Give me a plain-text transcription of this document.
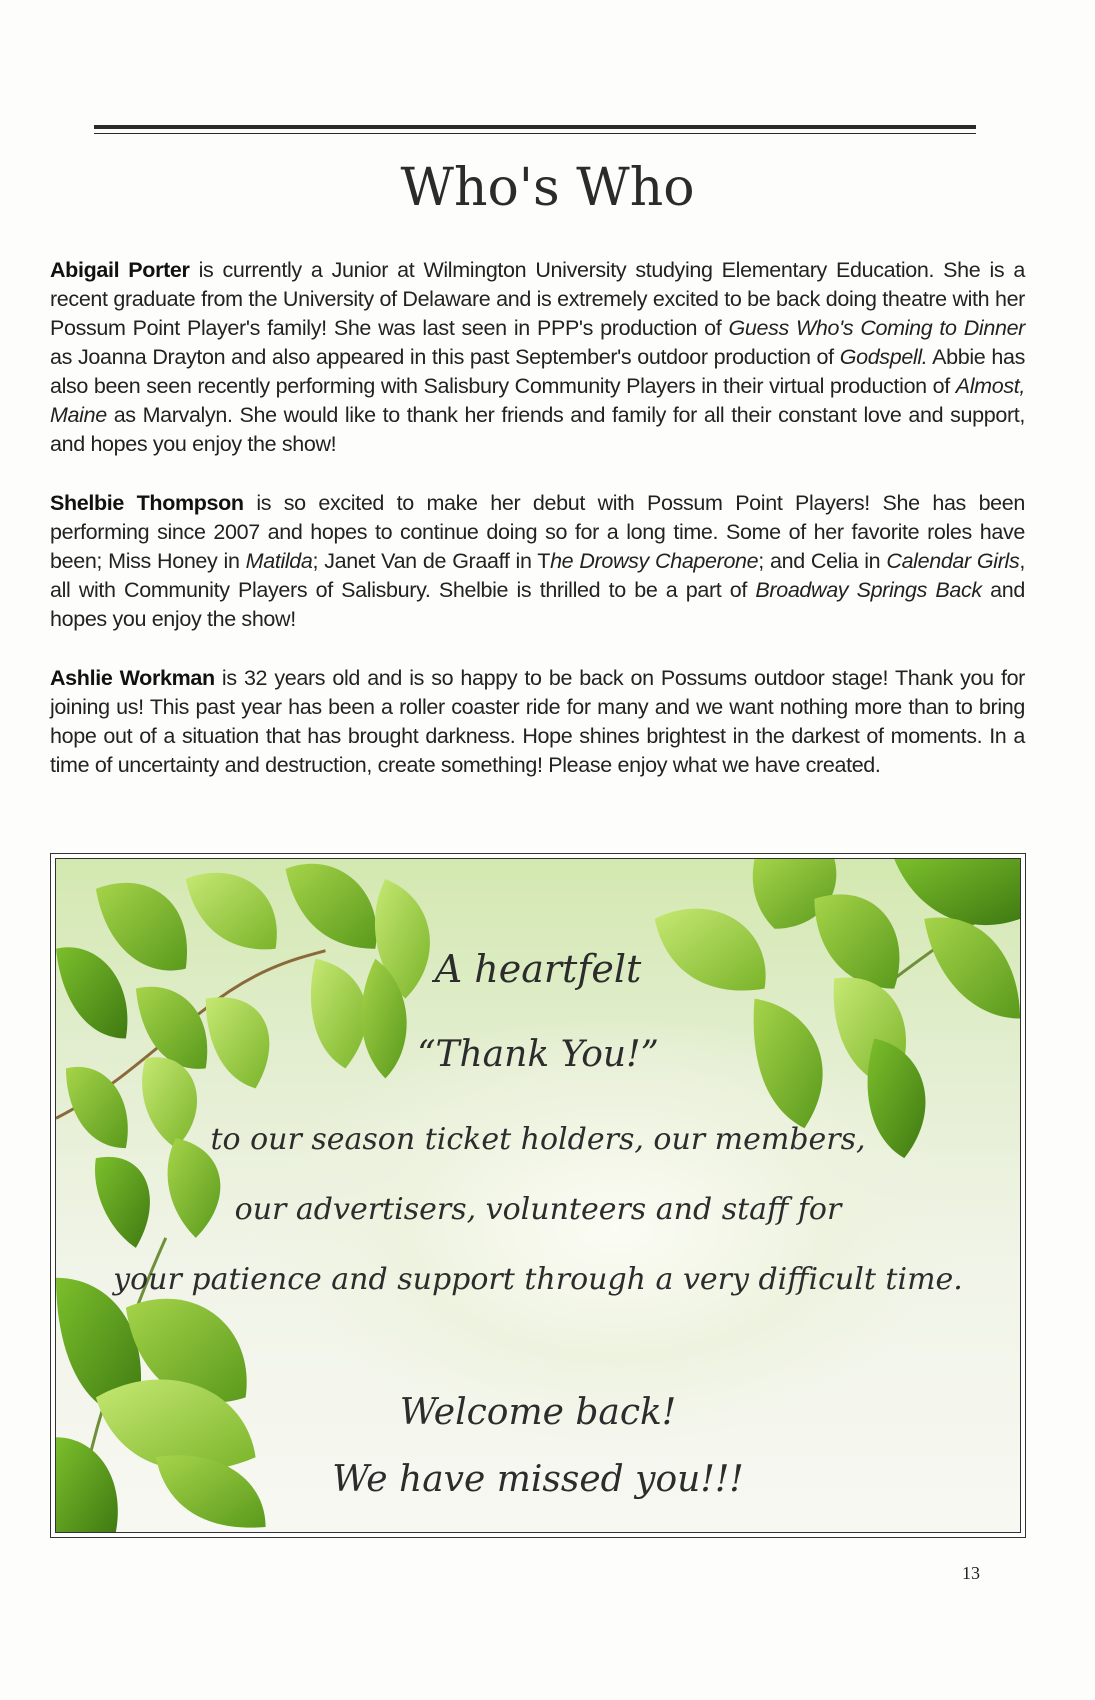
Who's Who

Abigail Porter is currently a Junior at Wilmington University studying Elementary Education. She is a recent graduate from the University of Delaware and is extremely excited to be back doing theatre with her Possum Point Player's family! She was last seen in PPP's production of Guess Who's Coming to Dinner as Joanna Drayton and also appeared in this past September's outdoor production of Godspell. Abbie has also been seen recently performing with Salisbury Community Players in their virtual production of Almost, Maine as Marvalyn. She would like to thank her friends and family for all their constant love and support, and hopes you enjoy the show!

Shelbie Thompson is so excited to make her debut with Possum Point Players! She has been performing since 2007 and hopes to continue doing so for a long time. Some of her favorite roles have been; Miss Honey in Matilda; Janet Van de Graaff in The Drowsy Chaperone; and Celia in Calendar Girls, all with Community Players of Salisbury. Shelbie is thrilled to be a part of Broadway Springs Back and hopes you enjoy the show!

Ashlie Workman is 32 years old and is so happy to be back on Possums outdoor stage! Thank you for joining us! This past year has been a roller coaster ride for many and we want nothing more than to bring hope out of a situation that has brought darkness. Hope shines brightest in the darkest of moments. In a time of uncertainty and destruction, create something! Please enjoy what we have created.

A heartfelt

“Thank You!”

to our season ticket holders, our members,

our advertisers, volunteers and staff for

your patience and support through a very difficult time.

Welcome back!

We have missed you!!!

13
